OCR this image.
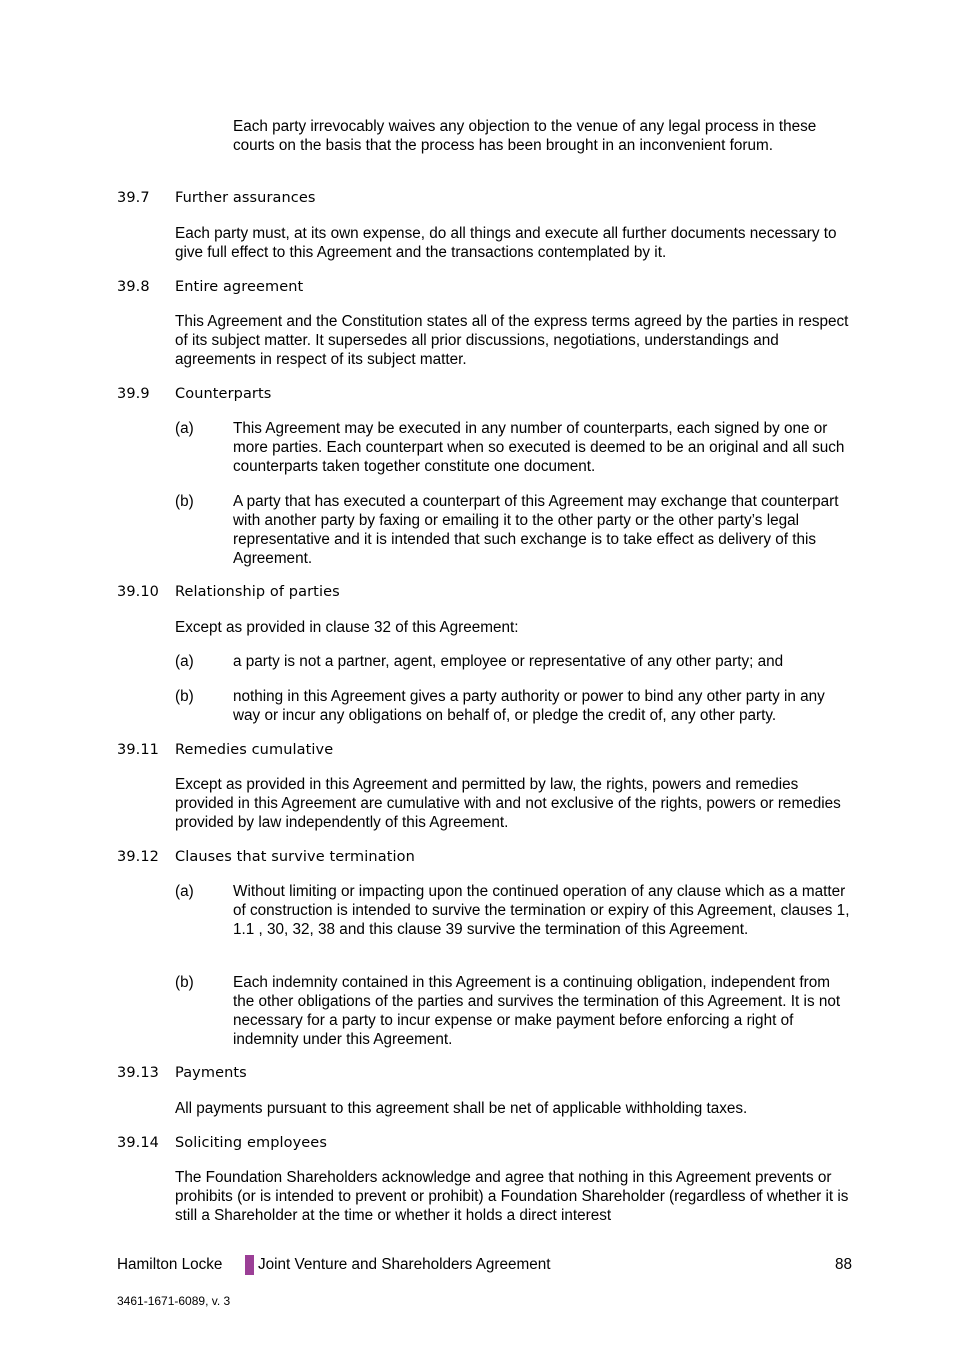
Each party irrevocably waives any objection to the venue of any legal process in these courts on the basis that the process has been brought in an inconvenient forum.

39.7 Further assurances

Each party must, at its own expense, do all things and execute all further documents necessary to give full effect to this Agreement and the transactions contemplated by it.

39.8 Entire agreement

This Agreement and the Constitution states all of the express terms agreed by the parties in respect of its subject matter. It supersedes all prior discussions, negotiations, understandings and agreements in respect of its subject matter.

39.9 Counterparts
(a)	This Agreement may be executed in any number of counterparts, each signed by one or more parties. Each counterpart when so executed is deemed to be an original and all such counterparts taken together constitute one document.

(b)	A party that has executed a counterpart of this Agreement may exchange that counterpart with another party by faxing or emailing it to the other party or the other party’s legal representative and it is intended that such exchange is to take effect as delivery of this Agreement.

39.10 Relationship of parties

Except as provided in clause 32 of this Agreement:

(a)	a party is not a partner, agent, employee or representative of any other party; and

(b)	nothing in this Agreement gives a party authority or power to bind any other party in any way or incur any obligations on behalf of, or pledge the credit of, any other party.

39.11 Remedies cumulative

Except as provided in this Agreement and permitted by law, the rights, powers and remedies provided in this Agreement are cumulative with and not exclusive of the rights, powers or remedies provided by law independently of this Agreement.

39.12 Clauses that survive termination
(a)	Without limiting or impacting upon the continued operation of any clause which as a matter of construction is intended to survive the termination or expiry of this Agreement, clauses 1, 1.1 , 30, 32, 38 and this clause 39 survive the termination of this Agreement.

(b)	Each indemnity contained in this Agreement is a continuing obligation, independent from the other obligations of the parties and survives the termination of this Agreement. It is not necessary for a party to incur expense or make payment before enforcing a right of indemnity under this Agreement.

39.13 Payments

All payments pursuant to this agreement shall be net of applicable withholding taxes.

39.14 Soliciting employees

The Foundation Shareholders acknowledge and agree that nothing in this Agreement prevents or prohibits (or is intended to prevent or prohibit) a Foundation Shareholder (regardless of whether it is still a Shareholder at the time or whether it holds a direct interest

Hamilton Locke Joint Venture and Shareholders Agreement	88
3461-1671-6089, v. 3
